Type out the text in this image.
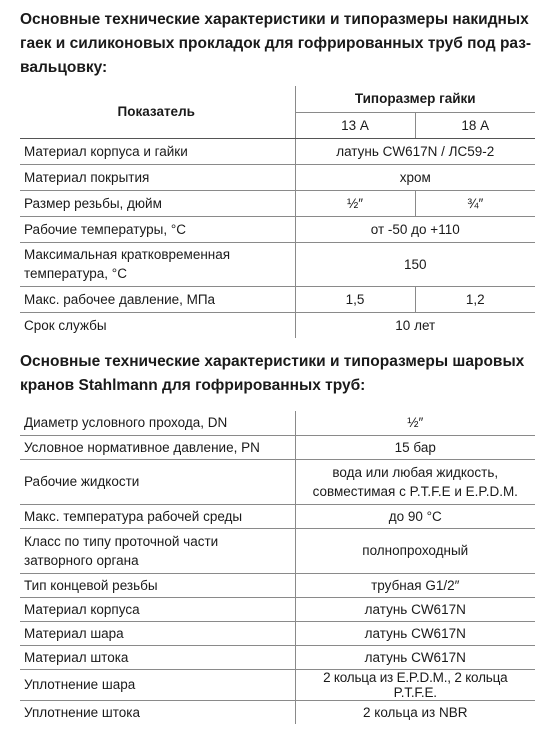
Основные технические характеристики и типоразмеры накидных
гаек и силиконовых прокладок для гофрированных труб под раз-
вальцовку:
Показатель	Типоразмер гайки	
	13 А	18 А
Материал корпуса и гайки	латунь CW617N / ЛС59-2	
Материал покрытия	хром	
Размер резьбы, дюйм	½″	¾″
Рабочие температуры, °С	от -50 до +110	

Максимальная кратковременная
температура, °С	150	
Макс. рабочее давление, МПа	1,5	1,2
Срок службы	10 лет	
Основные технические характеристики и типоразмеры шаровых
кранов Stahlmann для гофрированных труб:
Диаметр условного прохода, DN	½″
Условное нормативное давление, PN	15 бар
Рабочие жидкости	вода или любая жидкость,
совместимая с P.T.F.E и E.P.D.M.

Макс. температура рабочей среды	до 90 °С

Класс по типу проточной части
затворного органа	полнопроходный
Тип концевой резьбы	трубная G1/2″
Материал корпуса	латунь CW617N
Материал шара	латунь CW617N
Материал штока	латунь CW617N
Уплотнение шара	2 кольца из E.P.D.M., 2 кольца P.T.F.E.
Уплотнение штока	2 кольца из NBR
